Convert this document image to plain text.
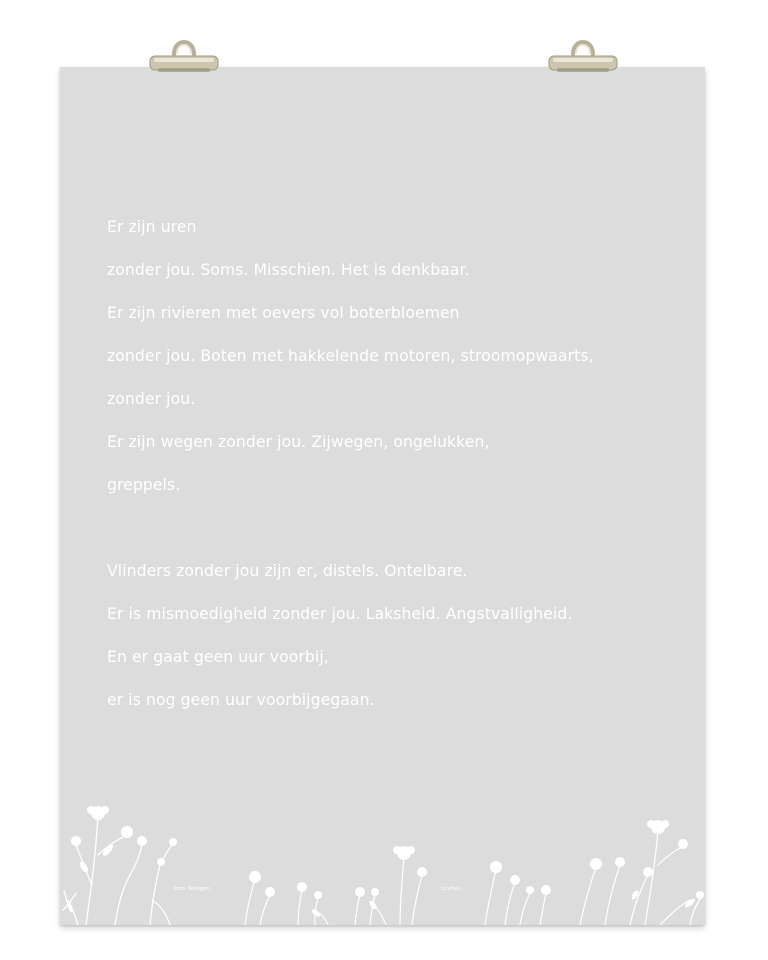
Er zijn uren
zonder jou. Soms. Misschien. Het is denkbaar.
Er zijn rivieren met oevers vol boterbloemen
zonder jou. Boten met hakkelende motoren, stroomopwaarts,
zonder jou.
Er zijn wegen zonder jou. Zijwegen, ongelukken,
greppels.
Vlinders zonder jou zijn er, distels. Ontelbare.
Er is mismoedigheid zonder jou. Laksheid. Angstvalligheid.
En er gaat geen uur voorbij,
er is nog geen uur voorbijgegaan.
Toon Tellegen	Lovlies
